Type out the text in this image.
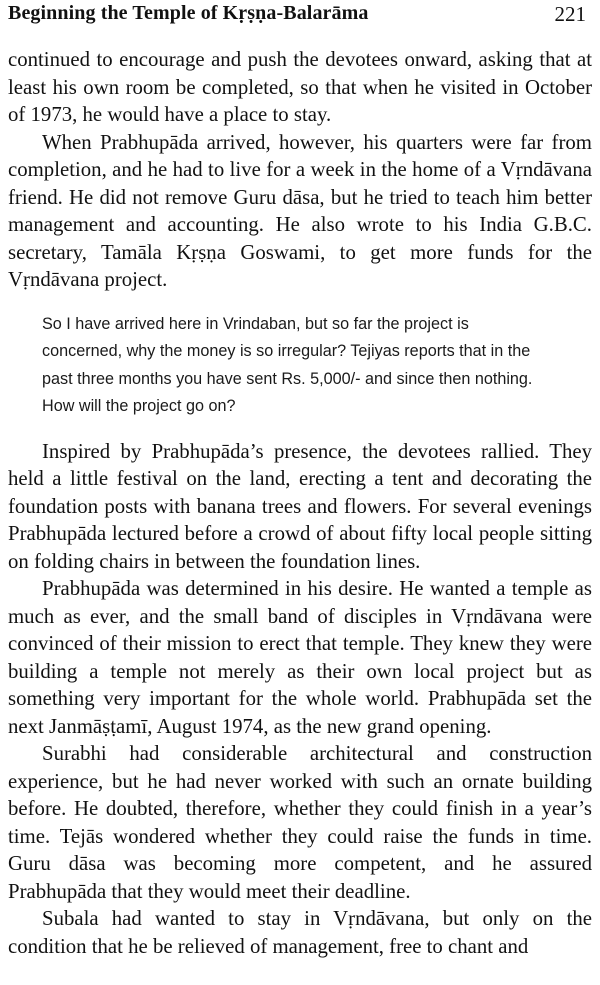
Beginning the Temple of Kṛṣṇa-Balarāma	221

continued to encourage and push the devotees onward, asking that at least his own room be completed, so that when he visited in October of 1973, he would have a place to stay.

When Prabhupāda arrived, however, his quarters were far from completion, and he had to live for a week in the home of a Vṛndāvana friend. He did not remove Guru dāsa, but he tried to teach him better management and accounting. He also wrote to his India G.B.C. secretary, Tamāla Kṛṣṇa Goswami, to get more funds for the Vṛndāvana project.

So I have arrived here in Vrindaban, but so far the project is concerned, why the money is so irregular? Tejiyas reports that in the past three months you have sent Rs. 5,000/- and since then nothing. How will the project go on?

Inspired by Prabhupāda’s presence, the devotees rallied. They held a little festival on the land, erecting a tent and decorating the foundation posts with banana trees and flowers. For several evenings Prabhupāda lectured before a crowd of about fifty local people sitting on folding chairs in between the foundation lines.

Prabhupāda was determined in his desire. He wanted a temple as much as ever, and the small band of disciples in Vṛndāvana were convinced of their mission to erect that temple. They knew they were building a temple not merely as their own local project but as something very important for the whole world. Prabhupāda set the next Janmāṣṭamī, August 1974, as the new grand opening.

Surabhi had considerable architectural and construction experience, but he had never worked with such an ornate building before. He doubted, therefore, whether they could finish in a year’s time. Tejās wondered whether they could raise the funds in time. Guru dāsa was becoming more competent, and he assured Prabhupāda that they would meet their deadline.

Subala had wanted to stay in Vṛndāvana, but only on the condition that he be relieved of management, free to chant and
